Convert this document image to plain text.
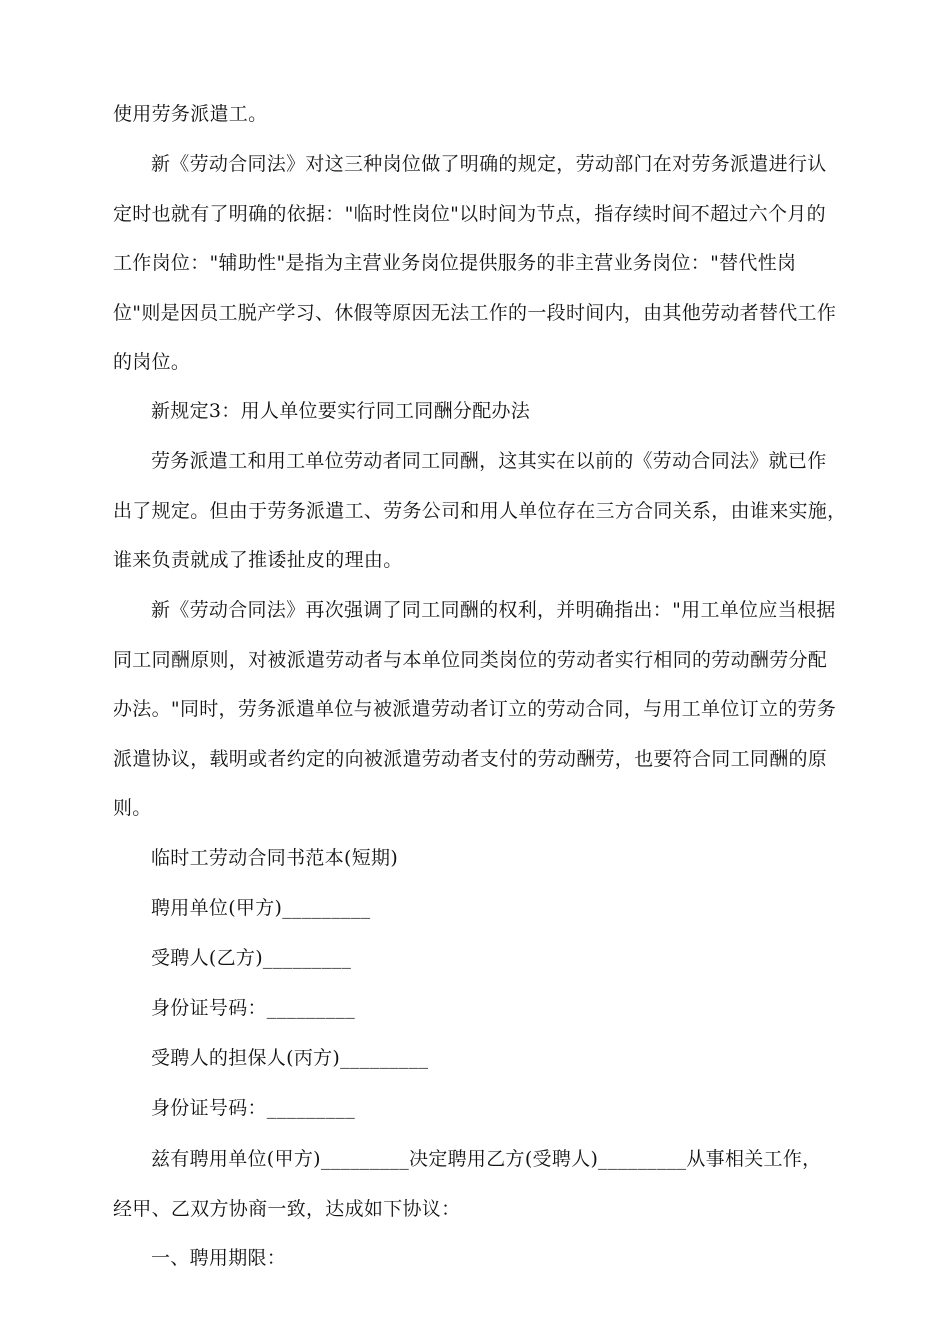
使用劳务派遣工。
新《劳动合同法》对这三种岗位做了明确的规定，劳动部门在对劳务派遣进行认
定时也就有了明确的依据："临时性岗位"以时间为节点，指存续时间不超过六个月的
工作岗位："辅助性"是指为主营业务岗位提供服务的非主营业务岗位："替代性岗
位"则是因员工脱产学习、休假等原因无法工作的一段时间内，由其他劳动者替代工作
的岗位。
新规定3：用人单位要实行同工同酬分配办法
劳务派遣工和用工单位劳动者同工同酬，这其实在以前的《劳动合同法》就已作
出了规定。但由于劳务派遣工、劳务公司和用人单位存在三方合同关系，由谁来实施，
谁来负责就成了推诿扯皮的理由。
新《劳动合同法》再次强调了同工同酬的权利，并明确指出："用工单位应当根据
同工同酬原则，对被派遣劳动者与本单位同类岗位的劳动者实行相同的劳动酬劳分配
办法。"同时，劳务派遣单位与被派遣劳动者订立的劳动合同，与用工单位订立的劳务
派遣协议，载明或者约定的向被派遣劳动者支付的劳动酬劳，也要符合同工同酬的原
则。
临时工劳动合同书范本(短期)
聘用单位(甲方)_________
受聘人(乙方)_________
身份证号码：_________
受聘人的担保人(丙方)_________
身份证号码：_________
兹有聘用单位(甲方)_________决定聘用乙方(受聘人)_________从事相关工作，
经甲、乙双方协商一致，达成如下协议：
一、聘用期限：
